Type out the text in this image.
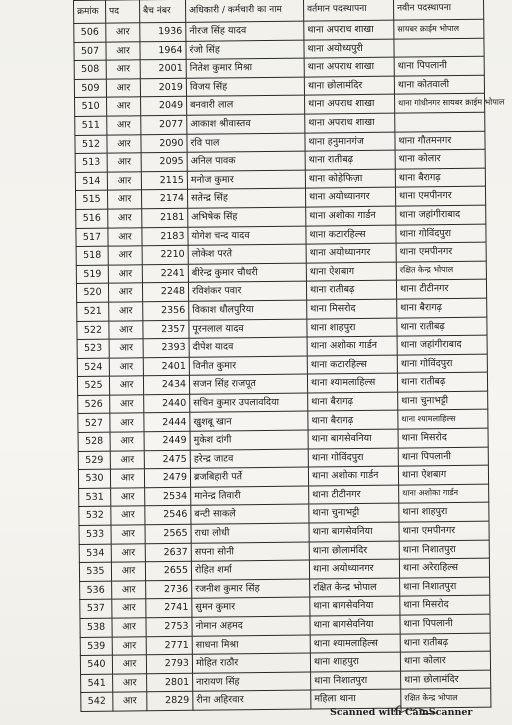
क्रमांक	पद	बैच नंबर	अधिकारी / कर्मचारी का नाम	वर्तमान पदस्थापना	नवीन पदस्थापना
506	आर	1936	नीरज सिंह यादव	थाना अपराध शाखा	सायबर क्राईम भोपाल
507	आर	1964	रंजो सिंह	थाना अयोध्यपुरी	
508	आर	2001	नितेश कुमार मिश्रा	थाना अपराध शाखा	थाना पिपलानी
509	आर	2019	विजय सिंह	थाना छोलामंदिर	थाना कोतवाली
510	आर	2049	बनवारी लाल	थाना अपराध शाखा	थाना गांधीनगर सायबर क्राईम भोपाल
511	आर	2077	आकाश श्रीवास्तव	थाना अपराध शाखा	
512	आर	2090	रवि पाल	थाना हनुमानगंज	थाना गौतमनगर
513	आर	2095	अनिल पावक	थाना रातीबढ़	थाना कोलार
514	आर	2115	मनोज कुमार	थाना कोहेफिज़ा	थाना बैरागढ़
515	आर	2174	सतेन्द्र सिंह	थाना अयोध्यानगर	थाना एमपीनगर
516	आर	2181	अभिषेक सिंह	थाना अशोका गार्डन	थाना जहांगीराबाद
517	आर	2183	योगेश चन्द यादव	थाना कटारहिल्स	थाना गोविंदपुरा
518	आर	2210	लोकेश परते	थाना अयोध्यानगर	थाना एमपीनगर
519	आर	2241	बीरेन्द्र कुमार चौधरी	थाना ऐशबाग	रक्षित केन्द्र भोपाल
520	आर	2248	रविशंकर पवार	थाना रातीबढ़	थाना टीटीनगर
521	आर	2356	विकाश धौलपुरिया	थाना मिसरोद	थाना बैरागढ़
522	आर	2357	पूरनलाल यादव	थाना शाहपुरा	थाना रातीबढ़
523	आर	2393	दीपेश यादव	थाना अशोका गार्डन	थाना जहांगीराबाद
524	आर	2401	विनीत कुमार	थाना कटारहिल्स	थाना गोविंदपुरा
525	आर	2434	सजन सिंह राजपूत	थाना श्यामलाहिल्स	थाना रातीबढ़
526	आर	2440	सचिन कुमार उपलावदिया	थाना बैरागढ़	थाना चुनाभट्टी
527	आर	2444	खुशबू खान	थाना बैरागढ़	थाना श्यामलाहिल्स
528	आर	2449	मुकेश दांगी	थाना बागसेवनिया	थाना मिसरोद
529	आर	2475	हरेन्द्र जाटव	थाना गोविंदपुरा	थाना पिपलानी
530	आर	2479	ब्रजबिहारी पर्ते	थाना अशोका गार्डन	थाना ऐशबाग
531	आर	2534	मानेन्द्र तिवारी	थाना टीटीनगर	थाना अशोका गार्डन
532	आर	2546	बन्टी साकले	थाना चुनाभट्टी	थाना शाहपुरा
533	आर	2565	राधा लोधी	थाना बागसेवनिया	थाना एमपीनगर
534	आर	2637	सपना सोनी	थाना छोलामंदिर	थाना निशातपुरा
535	आर	2655	रोहित शर्मा	थाना अयोध्यानगर	थाना अरेराहिल्स
536	आर	2736	रजनीश कुमार सिंह	रक्षित केन्द्र भोपाल	थाना निशातपुरा
537	आर	2741	सुमन कुमार	थाना बागसेवनिया	थाना मिसरोद
538	आर	2753	नोमान अहमद	थाना बागसेवनिया	थाना पिपलानी
539	आर	2771	साधना मिश्रा	थाना श्यामलाहिल्स	थाना रातीबढ़
540	आर	2793	मोहित राठौर	थाना शाहपुरा	थाना कोलार
541	आर	2801	नारायण सिंह	थाना निशातपुरा	थाना छोलामंदिर
542	आर	2829	रीना अहिरवार	महिला थाना	रक्षित केन्द्र भोपाल
Scanned with CamScanner
